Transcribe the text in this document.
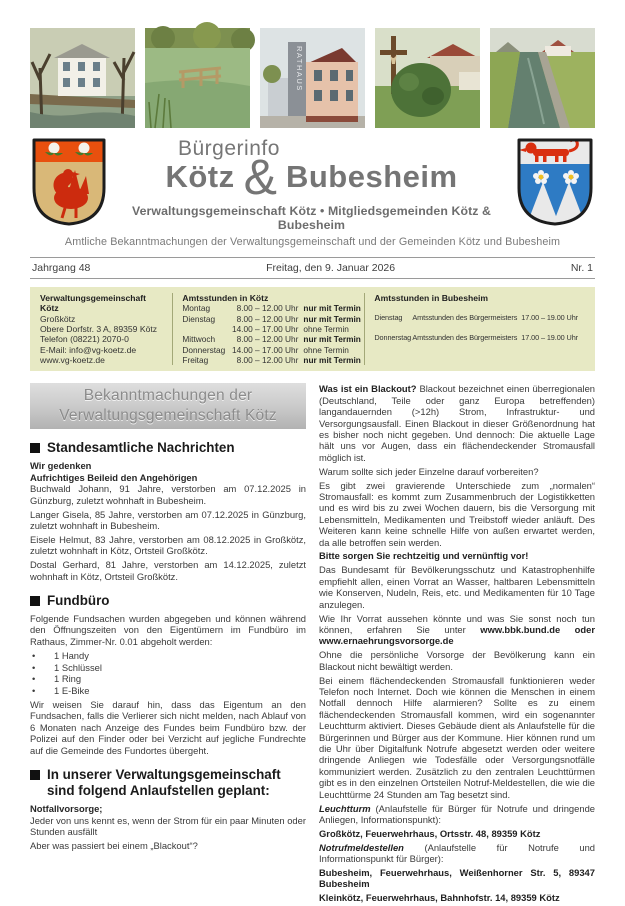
RATHAUS
Bürgerinfo
Kötz & Bubesheim
Verwaltungsgemeinschaft Kötz • Mitgliedsgemeinden Kötz & Bubesheim
Amtliche Bekanntmachungen der Verwaltungsgemeinschaft und der Gemeinden Kötz und Bubesheim
Jahrgang 48	Freitag, den 9. Januar 2026	Nr. 1
Verwaltungsgemeinschaft Kötz
Großkötz
Obere Dorfstr. 3 A, 89359 Kötz
Telefon (08221) 2070-0
E-Mail: info@vg-koetz.de
www.vg-koetz.de
Amtsstunden in Kötz
Montag	8.00 – 12.00 Uhr nur mit Termin
Dienstag	8.00 – 12.00 Uhr nur mit Termin
14.00 – 17.00 Uhr ohne Termin
Mittwoch	8.00 – 12.00 Uhr nur mit Termin
Donnerstag 14.00 – 17.00 Uhr ohne Termin
Freitag	8.00 – 12.00 Uhr nur mit Termin
Amtsstunden in Bubesheim
Dienstag	Amtsstunden des Bürgermeisters 17.00 – 19.00 Uhr
Donnerstag Amtsstunden des Bürgermeisters 17.00 – 19.00 Uhr
Bekanntmachungen der Verwaltungsgemeinschaft Kötz
Standesamtliche Nachrichten
Wir gedenken
Aufrichtiges Beileid den Angehörigen

Buchwald Johann, 91 Jahre, verstorben am 07.12.2025 in Günzburg, zuletzt wohnhaft in Bubesheim.

Langer Gisela, 85 Jahre, verstorben am 07.12.2025 in Günzburg, zuletzt wohnhaft in Bubesheim.

Eisele Helmut, 83 Jahre, verstorben am 08.12.2025 in Großkötz, zuletzt wohnhaft in Kötz, Ortsteil Großkötz.

Dostal Gerhard, 81 Jahre, verstorben am 14.12.2025, zuletzt wohnhaft in Kötz, Ortsteil Großkötz.

Fundbüro

Folgende Fundsachen wurden abgegeben und können während den Öffnungszeiten von den Eigentümern im Fundbüro im Rathaus, Zimmer-Nr. 0.01 abgeholt werden:

•	1 Handy
•	1 Schlüssel
•	1 Ring
•	1 E-Bike

Wir weisen Sie darauf hin, dass das Eigentum an den Fundsachen, falls die Verlierer sich nicht melden, nach Ablauf von 6 Monaten nach Anzeige des Fundes beim Fundbüro bzw. der Polizei auf den Finder oder bei Verzicht auf jegliche Fundrechte auf die Gemeinde des Fundortes übergeht.

In unserer Verwaltungsgemeinschaft sind folgend Anlaufstellen geplant:
Notfallvorsorge;

Jeder von uns kennt es, wenn der Strom für ein paar Minuten oder Stunden ausfällt

Aber was passiert bei einem „Blackout“?

Was ist ein Blackout? Blackout bezeichnet einen überregionalen (Deutschland, Teile oder ganz Europa betreffenden) langandauernden (>12h) Strom, Infrastruktur- und Versorgungsausfall. Einen Blackout in dieser Größenordnung hat es bisher noch nicht gegeben. Und dennoch: Die aktuelle Lage hält uns vor Augen, dass ein flächendeckender Stromausfall möglich ist.

Warum sollte sich jeder Einzelne darauf vorbereiten?

Es gibt zwei gravierende Unterschiede zum „normalen“ Stromausfall: es kommt zum Zusammenbruch der Logistikketten und es wird bis zu zwei Wochen dauern, bis die Versorgung mit Lebensmitteln, Medikamenten und Treibstoff wieder anläuft. Des Weiteren kann keine schnelle Hilfe von außen erwartet werden, da alle betroffen sein werden.

Bitte sorgen Sie rechtzeitig und vernünftig vor!

Das Bundesamt für Bevölkerungsschutz und Katastrophenhilfe empfiehlt allen, einen Vorrat an Wasser, haltbaren Lebensmitteln wie Konserven, Nudeln, Reis, etc. und Medikamenten für 10 Tage anzulegen.

Wie Ihr Vorrat aussehen könnte und was Sie sonst noch tun können, erfahren Sie unter www.bbk.bund.de oder www.ernaehrungsvorsorge.de

Ohne die persönliche Vorsorge der Bevölkerung kann ein Blackout nicht bewältigt werden.

Bei einem flächendeckenden Stromausfall funktionieren weder Telefon noch Internet. Doch wie können die Menschen in einem Notfall dennoch Hilfe alarmieren? Sollte es zu einem flächendeckenden Stromausfall kommen, wird ein sogenannter Leuchtturm aktiviert. Dieses Gebäude dient als Anlaufstelle für die Bürgerinnen und Bürger aus der Kommune. Hier können rund um die Uhr über Digitalfunk Notrufe abgesetzt werden oder weitere dringende Anliegen wie Todesfälle oder Versorgungsnotfälle kommuniziert werden. Zusätzlich zu den zentralen Leuchttürmen gibt es in den einzelnen Ortsteilen Notruf-Meldestellen, die wie die Leuchttürme 24 Stunden am Tag besetzt sind.

Leuchtturm (Anlaufstelle für Bürger für Notrufe und dringende Anliegen, Informationspunkt):

Großkötz, Feuerwehrhaus, Ortsstr. 48, 89359 Kötz

Notrufmeldestellen (Anlaufstelle für Notrufe und Informationspunkt für Bürger):

Bubesheim, Feuerwehrhaus, Weißenhorner Str. 5, 89347 Bubesheim

Kleinkötz, Feuerwehrhaus, Bahnhofstr. 14, 89359 Kötz
